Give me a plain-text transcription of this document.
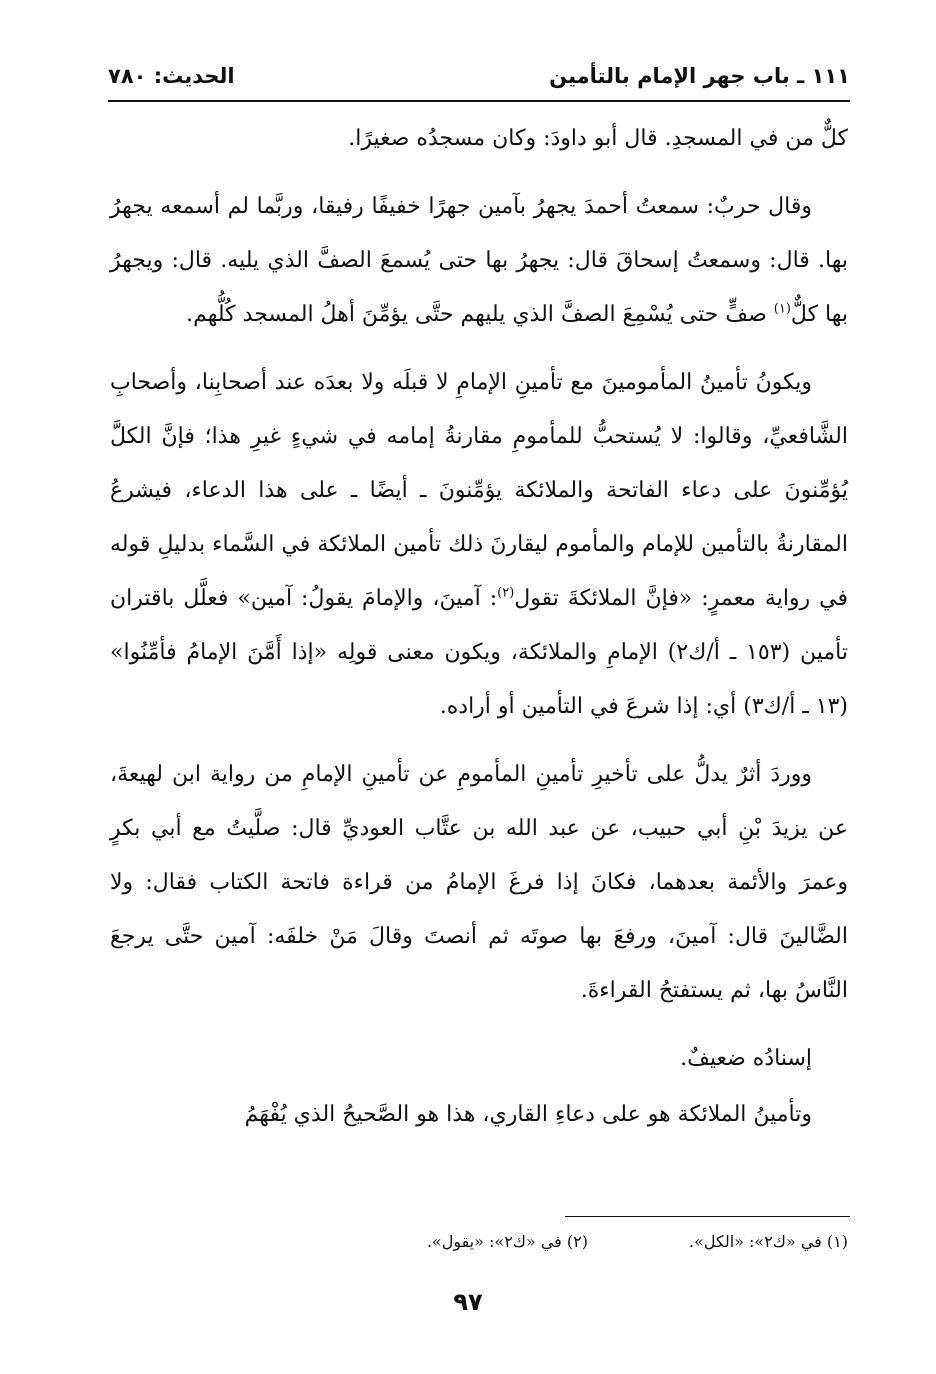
١١١ ـ باب جهر الإمام بالتأمين
الحديث: ٧٨٠

كلٌّ من في المسجدِ. قال أبو داودَ: وكان مسجدُه صغيرًا.

وقال حربٌ: سمعتُ أحمدَ يجهرُ بآمين جهرًا خفيفًا رفيقا، وربَّما لم أسمعه يجهرُ بها. قال: وسمعتُ إسحاقَ قال: يجهرُ بها حتى يُسمعَ الصفَّ الذي يليه. قال: ويجهرُ بها كلٌّ$^{(١)}$ صفٍّ حتى يُسْمِعَ الصفَّ الذي يليهم حتَّى يؤمِّنَ أهلُ المسجد كُلُّهم.

ويكونُ تأمينُ المأمومينَ مع تأمينِ الإمامِ لا قبلَه ولا بعدَه عند أصحابِنا، وأصحابِ الشَّافعيِّ، وقالوا: لا يُستحبُّ للمأمومِ مقارنةُ إمامه في شيءٍ غيرِ هذا؛ فإنَّ الكلَّ يُؤمِّنونَ على دعاء الفاتحة والملائكة يؤمِّنونَ ـ أيضًا ـ على هذا الدعاء، فيشرعُ المقارنةُ بالتأمين للإمام والمأموم ليقارنَ ذلك تأمين الملائكة في السَّماء بدليلِ قوله في رواية معمرٍ: «فإنَّ الملائكةَ تقول$^{(٢)}$: آمينَ، والإمامَ يقولُ: آمين» فعلَّل باقتران تأمين (١٥٣ ـ أ/ك٢) الإمامِ والملائكة، ويكون معنى قولِه «إذا أَمَّنَ الإمامُ فأمِّنُوا» (١٣ ـ أ/ك٣) أي: إذا شرعَ في التأمين أو أراده.

ووردَ أثرٌ يدلُّ على تأخيرِ تأمينِ المأمومِ عن تأمينِ الإمامِ من رواية ابن لهيعةَ، عن يزيدَ بْنِ أبي حبيب، عن عبد الله بن عتَّاب العوديِّ قال: صلَّيتُ مع أبي بكرٍ وعمرَ والأئمة بعدهما، فكانَ إذا فرغَ الإمامُ من قراءة فاتحة الكتاب فقال: ولا الضَّالينَ قال: آمينَ، ورفعَ بها صوتَه ثم أنصتَ وقالَ مَنْ خلفَه: آمين حتَّى يرجعَ النَّاسُ بها، ثم يستفتحُ القراءةَ.

إسنادُه ضعيفٌ.

وتأمينُ الملائكة هو على دعاءِ القاري، هذا هو الصَّحيحُ الذي يُفْهَمُ

(١) في «ك٢»: «الكل».
(٢) في «ك٢»: «يقول».
٩٧
